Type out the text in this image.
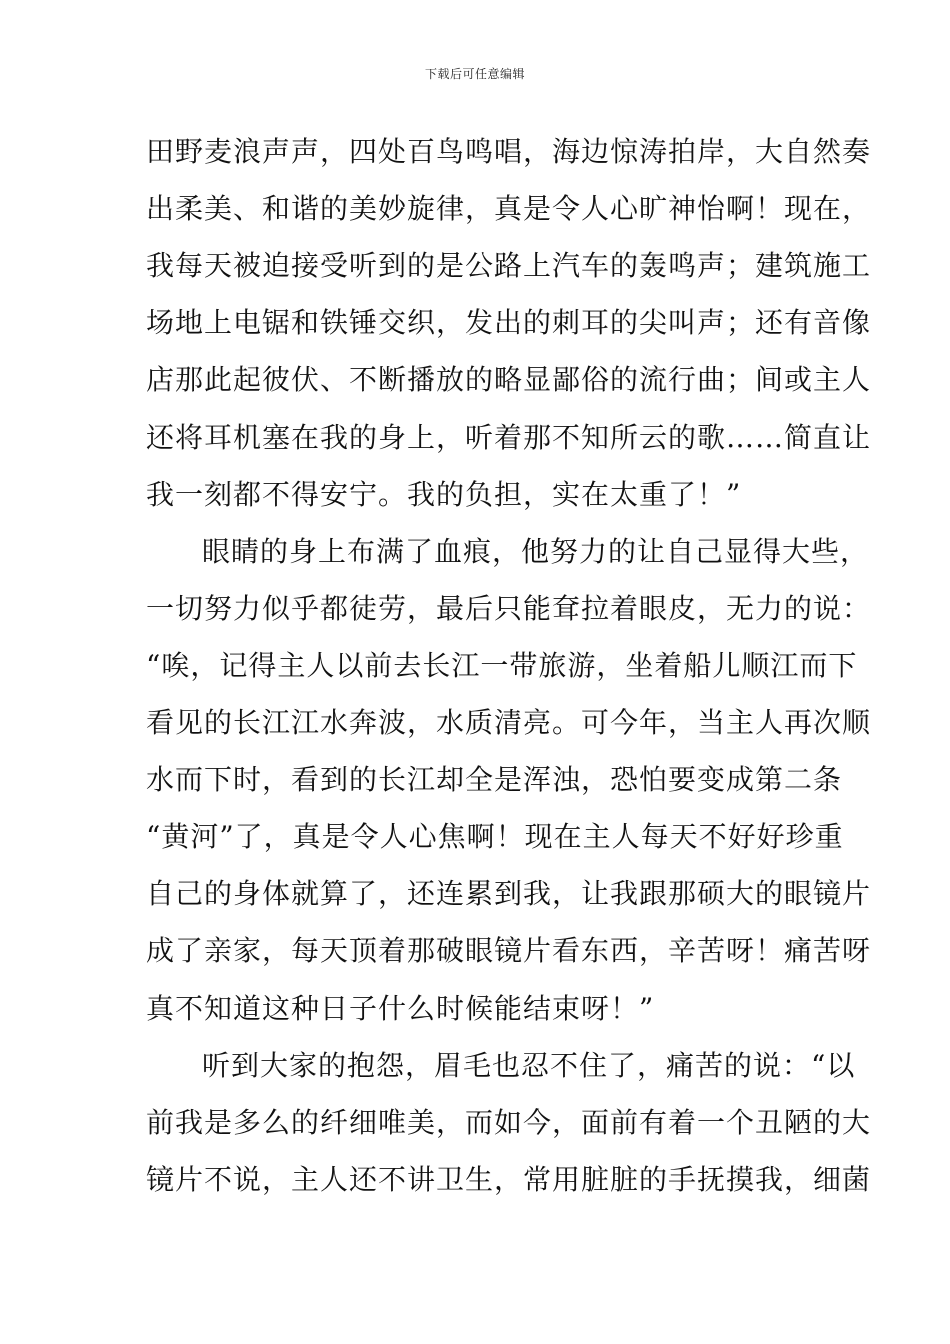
下载后可任意编辑
田野麦浪声声，四处百鸟鸣唱，海边惊涛拍岸，大自然奏
出柔美、和谐的美妙旋律，真是令人心旷神怡啊！现在，
我每天被迫接受听到的是公路上汽车的轰鸣声；建筑施工
场地上电锯和铁锤交织，发出的刺耳的尖叫声；还有音像
店那此起彼伏、不断播放的略显鄙俗的流行曲；间或主人
还将耳机塞在我的身上，听着那不知所云的歌……简直让
我一刻都不得安宁。我的负担，实在太重了！”
眼睛的身上布满了血痕，他努力的让自己显得大些，
一切努力似乎都徒劳，最后只能耷拉着眼皮，无力的说：
“唉，记得主人以前去长江一带旅游，坐着船儿顺江而下
看见的长江江水奔波，水质清亮。可今年，当主人再次顺
水而下时，看到的长江却全是浑浊，恐怕要变成第二条
“黄河”了，真是令人心焦啊！现在主人每天不好好珍重
自己的身体就算了，还连累到我，让我跟那硕大的眼镜片
成了亲家，每天顶着那破眼镜片看东西，辛苦呀！痛苦呀
真不知道这种日子什么时候能结束呀！”
听到大家的抱怨，眉毛也忍不住了，痛苦的说：“以
前我是多么的纤细唯美，而如今，面前有着一个丑陋的大
镜片不说，主人还不讲卫生，常用脏脏的手抚摸我，细菌
